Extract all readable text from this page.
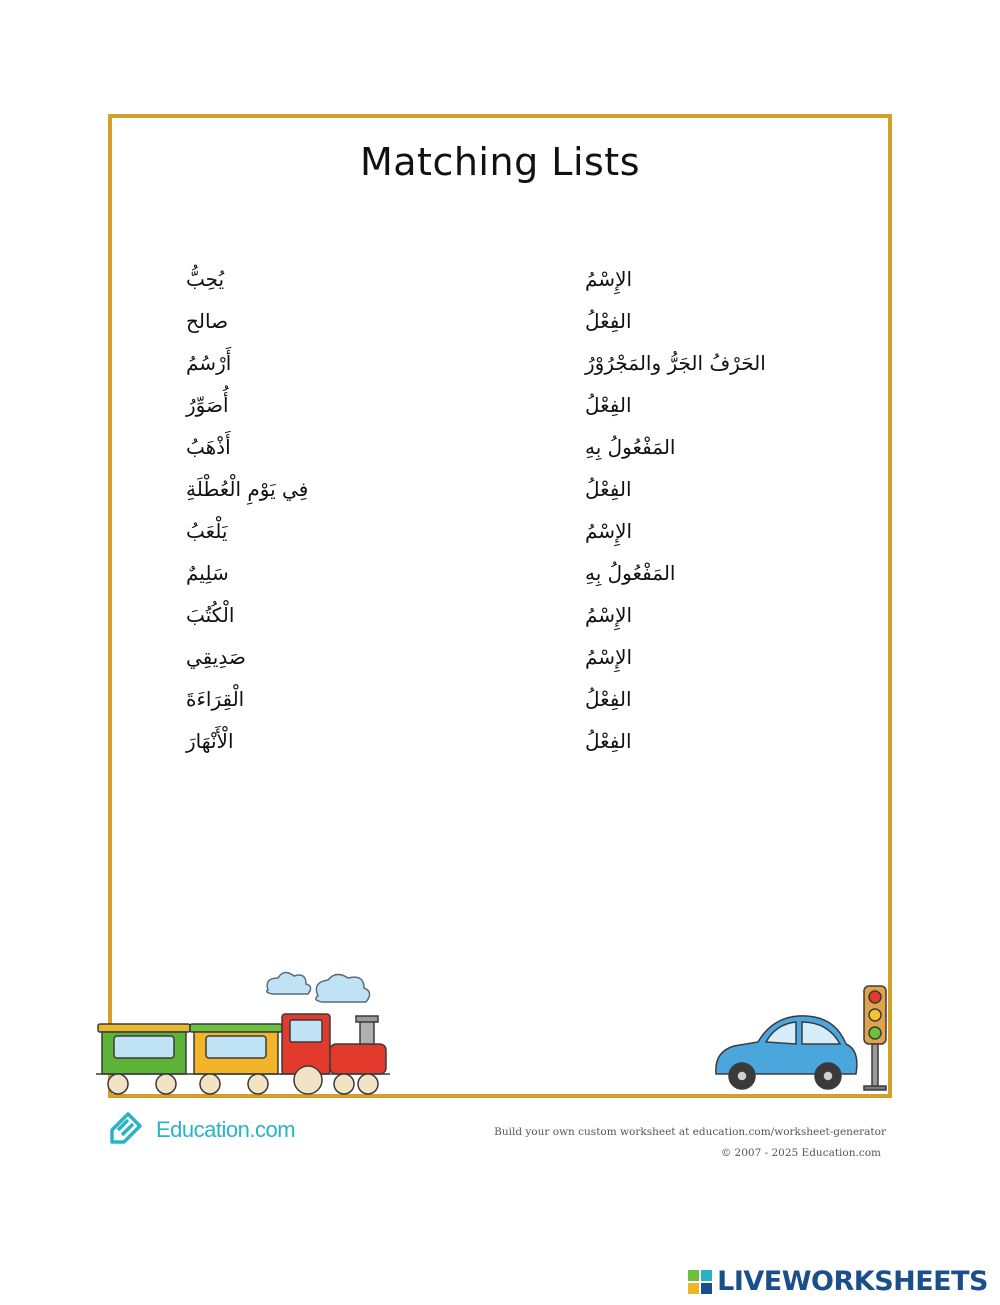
Matching Lists
يُحِبُّ
صالح
أَرْسُمُ
أُصَوِّرُ
أَذْهَبُ
فِي يَوْمِ الْعُطْلَةِ
يَلْعَبُ
سَلِيمٌ
الْكُتُبَ
صَدِيقِي
الْقِرَاءَةَ
الْأَنْهَارَ
الإِسْمُ
الفِعْلُ
الحَرْفُ الجَرُّ والمَجْرُوْرُ
الفِعْلُ
المَفْعُولُ بِهِ
الفِعْلُ
الإِسْمُ
المَفْعُولُ بِهِ
الإِسْمُ
الإِسْمُ
الفِعْلُ
الفِعْلُ
Education.com	Build your own custom worksheet at education.com/worksheet-generator
© 2007 - 2025 Education.com
LIVEWORKSHEETS
